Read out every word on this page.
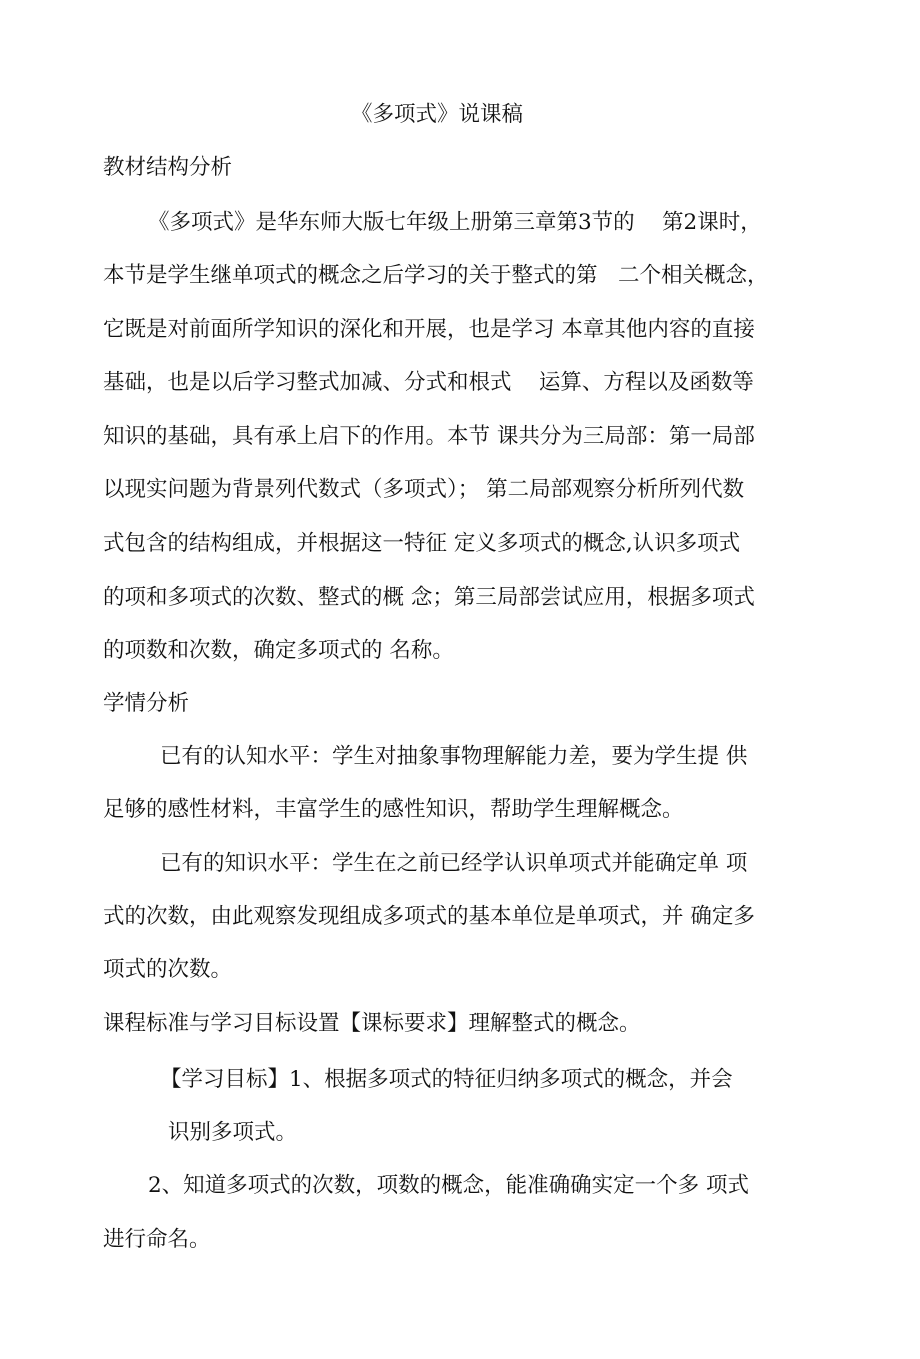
《多项式》说课稿
教材结构分析
《多项式》是华东师大版七年级上册第三章第3节的    第2课时，
本节是学生继单项式的概念之后学习的关于整式的第   二个相关概念，
它既是对前面所学知识的深化和开展，也是学习 本章其他内容的直接
基础，也是以后学习整式加减、分式和根式    运算、方程以及函数等
知识的基础，具有承上启下的作用。本节 课共分为三局部：第一局部
以现实问题为背景列代数式（多项式）； 第二局部观察分析所列代数
式包含的结构组成，并根据这一特征 定义多项式的概念,认识多项式
的项和多项式的次数、整式的概 念；第三局部尝试应用，根据多项式
的项数和次数，确定多项式的 名称。
学情分析
已有的认知水平：学生对抽象事物理解能力差，要为学生提 供
足够的感性材料，丰富学生的感性知识，帮助学生理解概念。
已有的知识水平：学生在之前已经学认识单项式并能确定单 项
式的次数，由此观察发现组成多项式的基本单位是单项式，并 确定多
项式的次数。
课程标准与学习目标设置【课标要求】理解整式的概念。
【学习目标】1、根据多项式的特征归纳多项式的概念，并会
识别多项式。
2、知道多项式的次数，项数的概念，能准确确实定一个多 项式
进行命名。
